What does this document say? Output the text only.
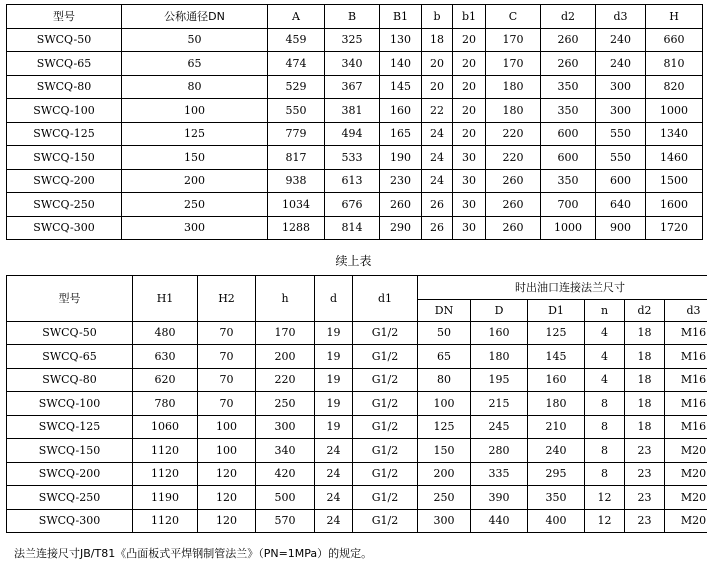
型号	公称通径DN	A	B	B1	b	b1	C	d2	d3	H
SWCQ-50	50	459	325	130	18	20	170	260	240	660
SWCQ-65	65	474	340	140	20	20	170	260	240	810
SWCQ-80	80	529	367	145	20	20	180	350	300	820
SWCQ-100	100	550	381	160	22	20	180	350	300	1000
SWCQ-125	125	779	494	165	24	20	220	600	550	1340
SWCQ-150	150	817	533	190	24	30	220	600	550	1460
SWCQ-200	200	938	613	230	24	30	260	350	600	1500
SWCQ-250	250	1034	676	260	26	30	260	700	640	1600
SWCQ-300	300	1288	814	290	26	30	260	1000	900	1720
续上表
型号	H1	H2	h	d	d1	时出油口连接法兰尺寸					
						DN	D	D1	n	d2	d3
SWCQ-50	480	70	170	19	G1/2	50	160	125	4	18	M16
SWCQ-65	630	70	200	19	G1/2	65	180	145	4	18	M16
SWCQ-80	620	70	220	19	G1/2	80	195	160	4	18	M16
SWCQ-100	780	70	250	19	G1/2	100	215	180	8	18	M16
SWCQ-125	1060	100	300	19	G1/2	125	245	210	8	18	M16
SWCQ-150	1120	100	340	24	G1/2	150	280	240	8	23	M20
SWCQ-200	1120	120	420	24	G1/2	200	335	295	8	23	M20
SWCQ-250	1190	120	500	24	G1/2	250	390	350	12	23	M20
SWCQ-300	1120	120	570	24	G1/2	300	440	400	12	23	M20
法兰连接尺寸JB/T81《凸面板式平焊钢制管法兰》（PN=1MPa）的规定。
